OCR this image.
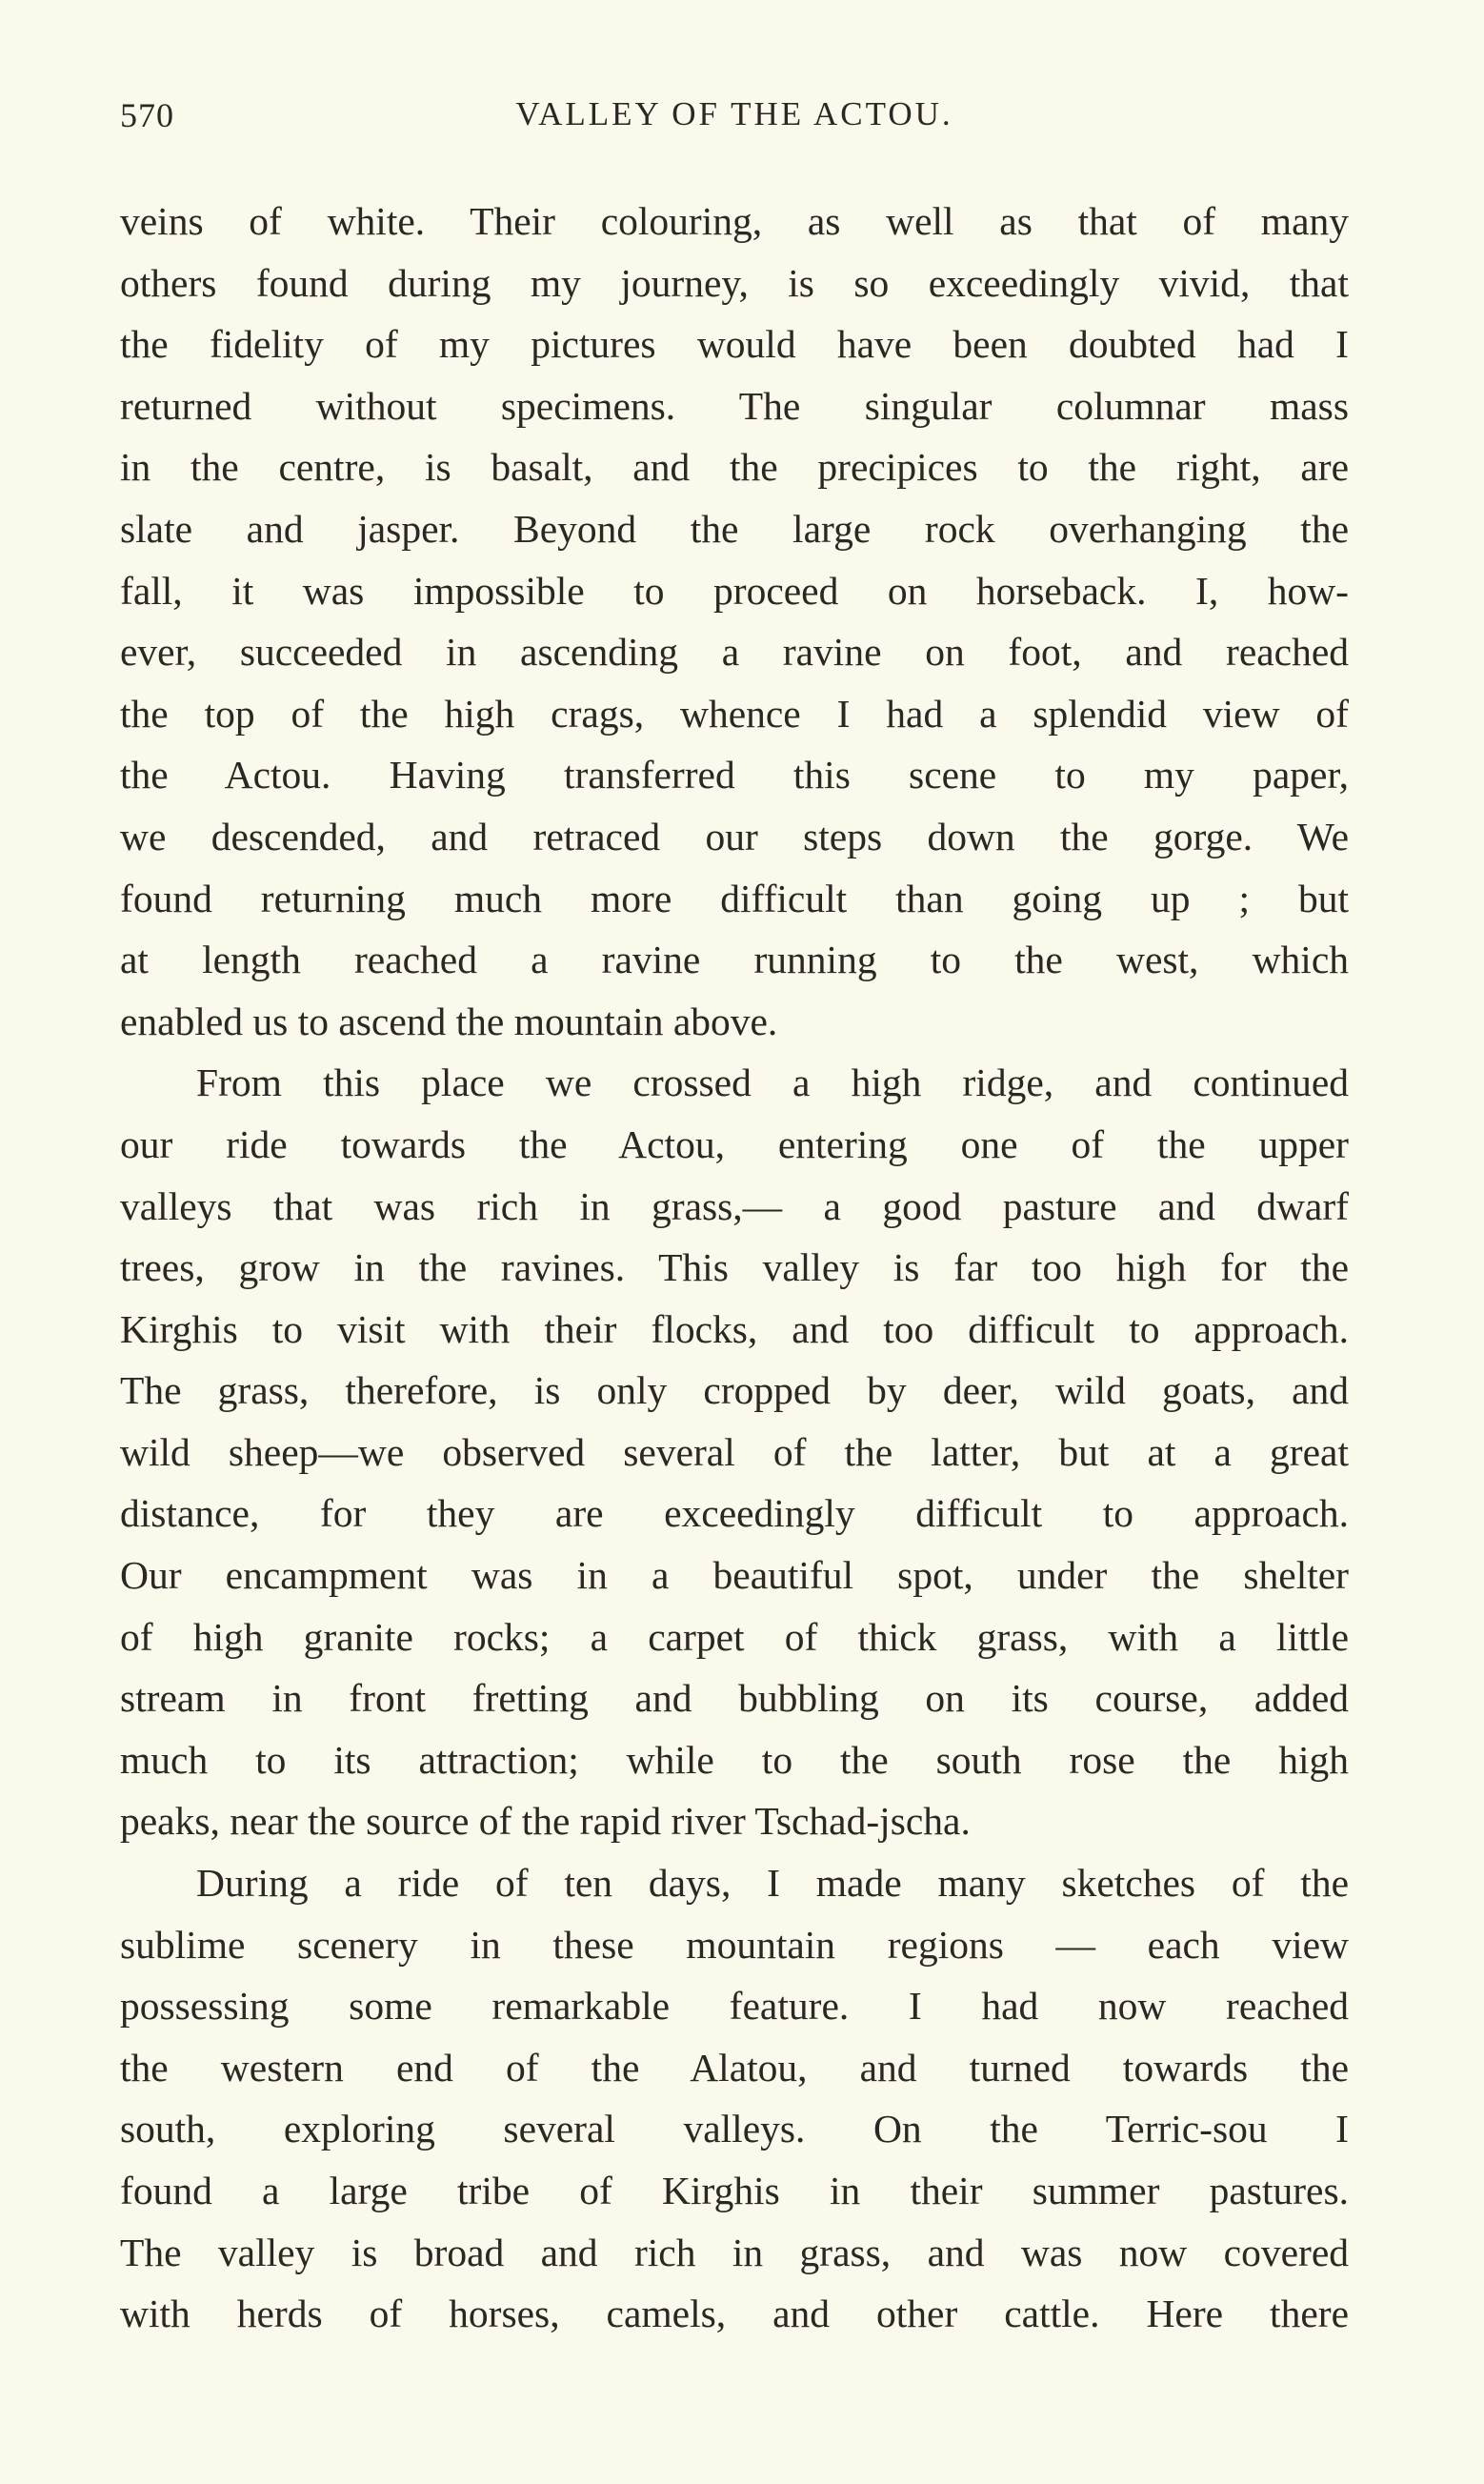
570	VALLEY OF THE ACTOU.
veins of white. Their colouring, as well as that of many
others found during my journey, is so exceedingly vivid, that
the fidelity of my pictures would have been doubted had I
returned without specimens. The singular columnar mass
in the centre, is basalt, and the precipices to the right, are
slate and jasper. Beyond the large rock overhanging the
fall, it was impossible to proceed on horseback. I, how-
ever, succeeded in ascending a ravine on foot, and reached
the top of the high crags, whence I had a splendid view of
the Actou. Having transferred this scene to my paper,
we descended, and retraced our steps down the gorge. We
found returning much more difficult than going up ; but
at length reached a ravine running to the west, which
enabled us to ascend the mountain above.
From this place we crossed a high ridge, and continued
our ride towards the Actou, entering one of the upper
valleys that was rich in grass,— a good pasture and dwarf
trees, grow in the ravines. This valley is far too high for the
Kirghis to visit with their flocks, and too difficult to approach.
The grass, therefore, is only cropped by deer, wild goats, and
wild sheep—we observed several of the latter, but at a great
distance, for they are exceedingly difficult to approach.
Our encampment was in a beautiful spot, under the shelter
of high granite rocks; a carpet of thick grass, with a little
stream in front fretting and bubbling on its course, added
much to its attraction; while to the south rose the high
peaks, near the source of the rapid river Tschad-jscha.
During a ride of ten days, I made many sketches of the
sublime scenery in these mountain regions — each view
possessing some remarkable feature. I had now reached
the western end of the Alatou, and turned towards the
south, exploring several valleys. On the Terric-sou I
found a large tribe of Kirghis in their summer pastures.
The valley is broad and rich in grass, and was now covered
with herds of horses, camels, and other cattle. Here there
